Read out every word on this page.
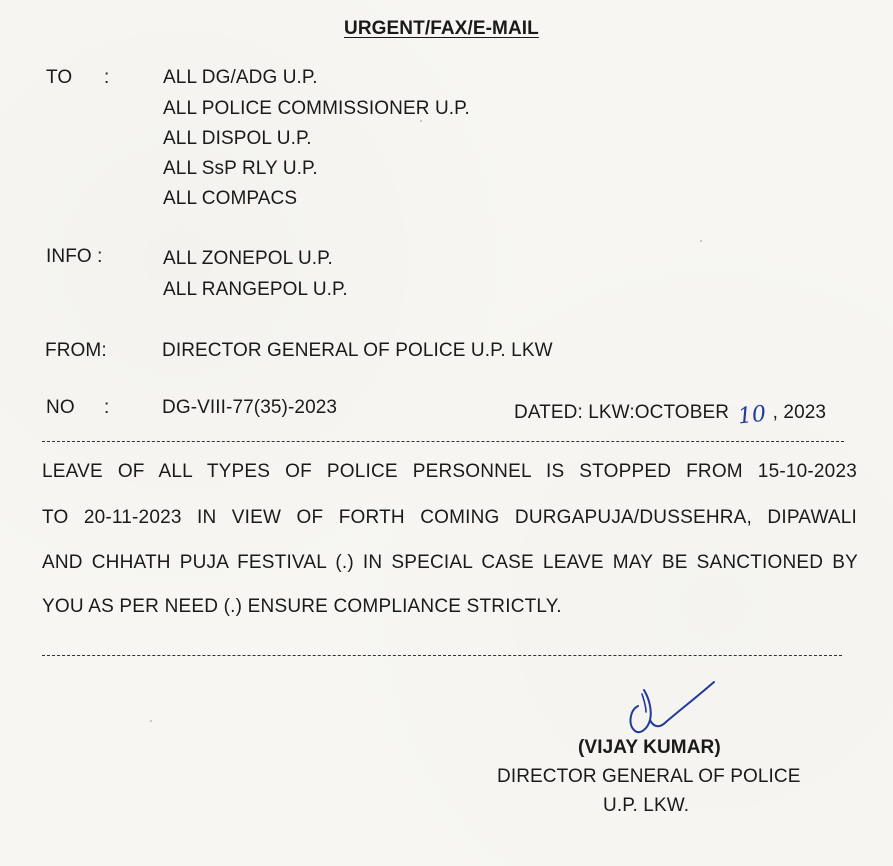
URGENT/FAX/E-MAIL
TO :	ALL DG/ADG U.P.
ALL POLICE COMMISSIONER U.P.
ALL DISPOL U.P.
ALL SsP RLY U.P.
ALL COMPACS
INFO :	ALL ZONEPOL U.P.
ALL RANGEPOL U.P.
FROM:	DIRECTOR GENERAL OF POLICE U.P. LKW
NO :	DG-VIII-77(35)-2023	DATED: LKW:OCTOBER 10 , 2023
LEAVE OF ALL TYPES OF POLICE PERSONNEL IS STOPPED FROM 15-10-2023
TO 20-11-2023 IN VIEW OF FORTH COMING DURGAPUJA/DUSSEHRA, DIPAWALI
AND CHHATH PUJA FESTIVAL (.) IN SPECIAL CASE LEAVE MAY BE SANCTIONED BY
YOU AS PER NEED (.) ENSURE COMPLIANCE STRICTLY.
(VIJAY KUMAR)
DIRECTOR GENERAL OF POLICE
U.P. LKW.
